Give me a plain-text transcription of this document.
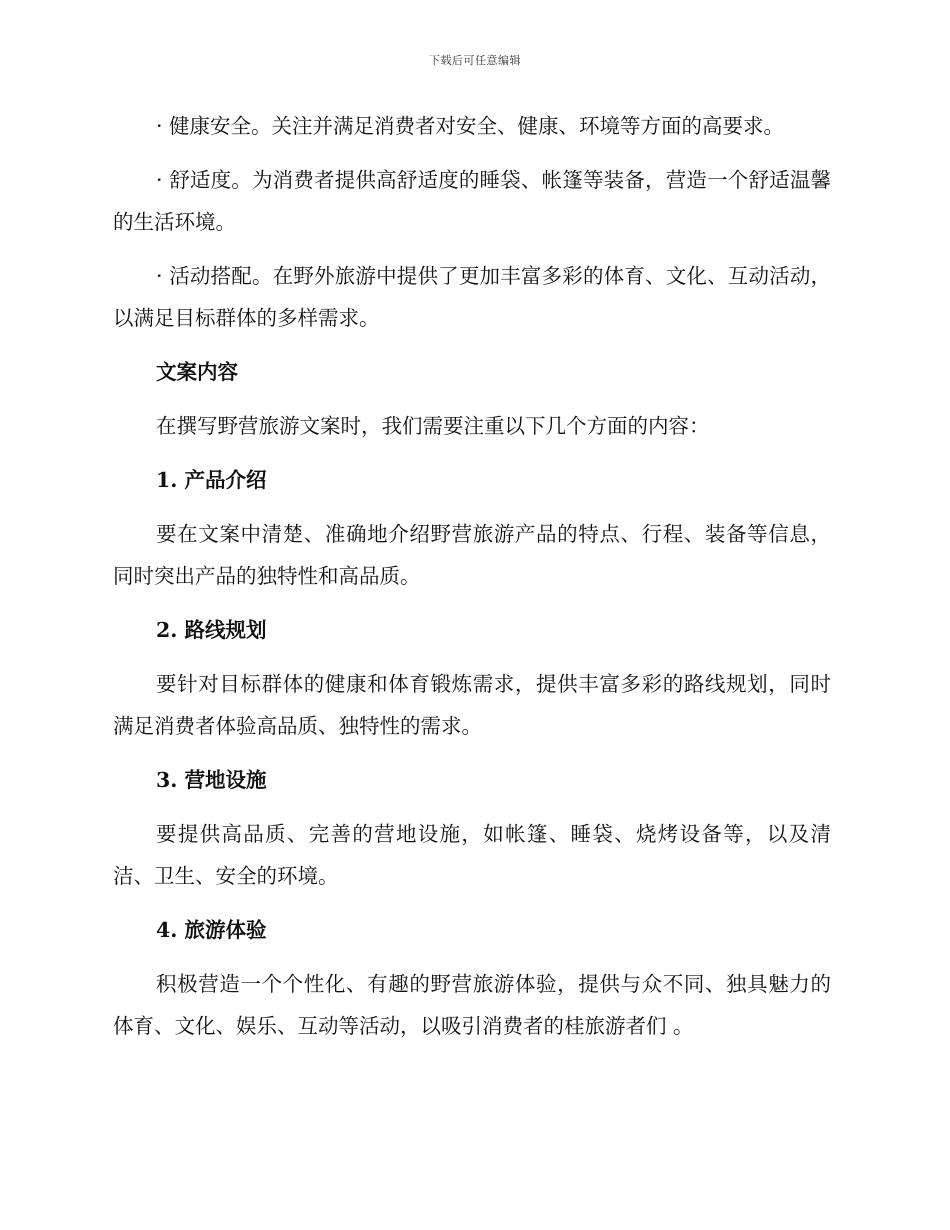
下载后可任意编辑

· 健康安全。关注并满足消费者对安全、健康、环境等方面的高要求。

· 舒适度。为消费者提供高舒适度的睡袋、帐篷等装备，营造一个舒适温馨的生活环境。

· 活动搭配。在野外旅游中提供了更加丰富多彩的体育、文化、互动活动，以满足目标群体的多样需求。

文案内容

在撰写野营旅游文案时，我们需要注重以下几个方面的内容：

1. 产品介绍

要在文案中清楚、准确地介绍野营旅游产品的特点、行程、装备等信息，同时突出产品的独特性和高品质。

2. 路线规划

要针对目标群体的健康和体育锻炼需求，提供丰富多彩的路线规划，同时满足消费者体验高品质、独特性的需求。

3. 营地设施

要提供高品质、完善的营地设施，如帐篷、睡袋、烧烤设备等，以及清洁、卫生、安全的环境。

4. 旅游体验

积极营造一个个性化、有趣的野营旅游体验，提供与众不同、独具魅力的体育、文化、娱乐、互动等活动，以吸引消费者的桂旅游者们 。
